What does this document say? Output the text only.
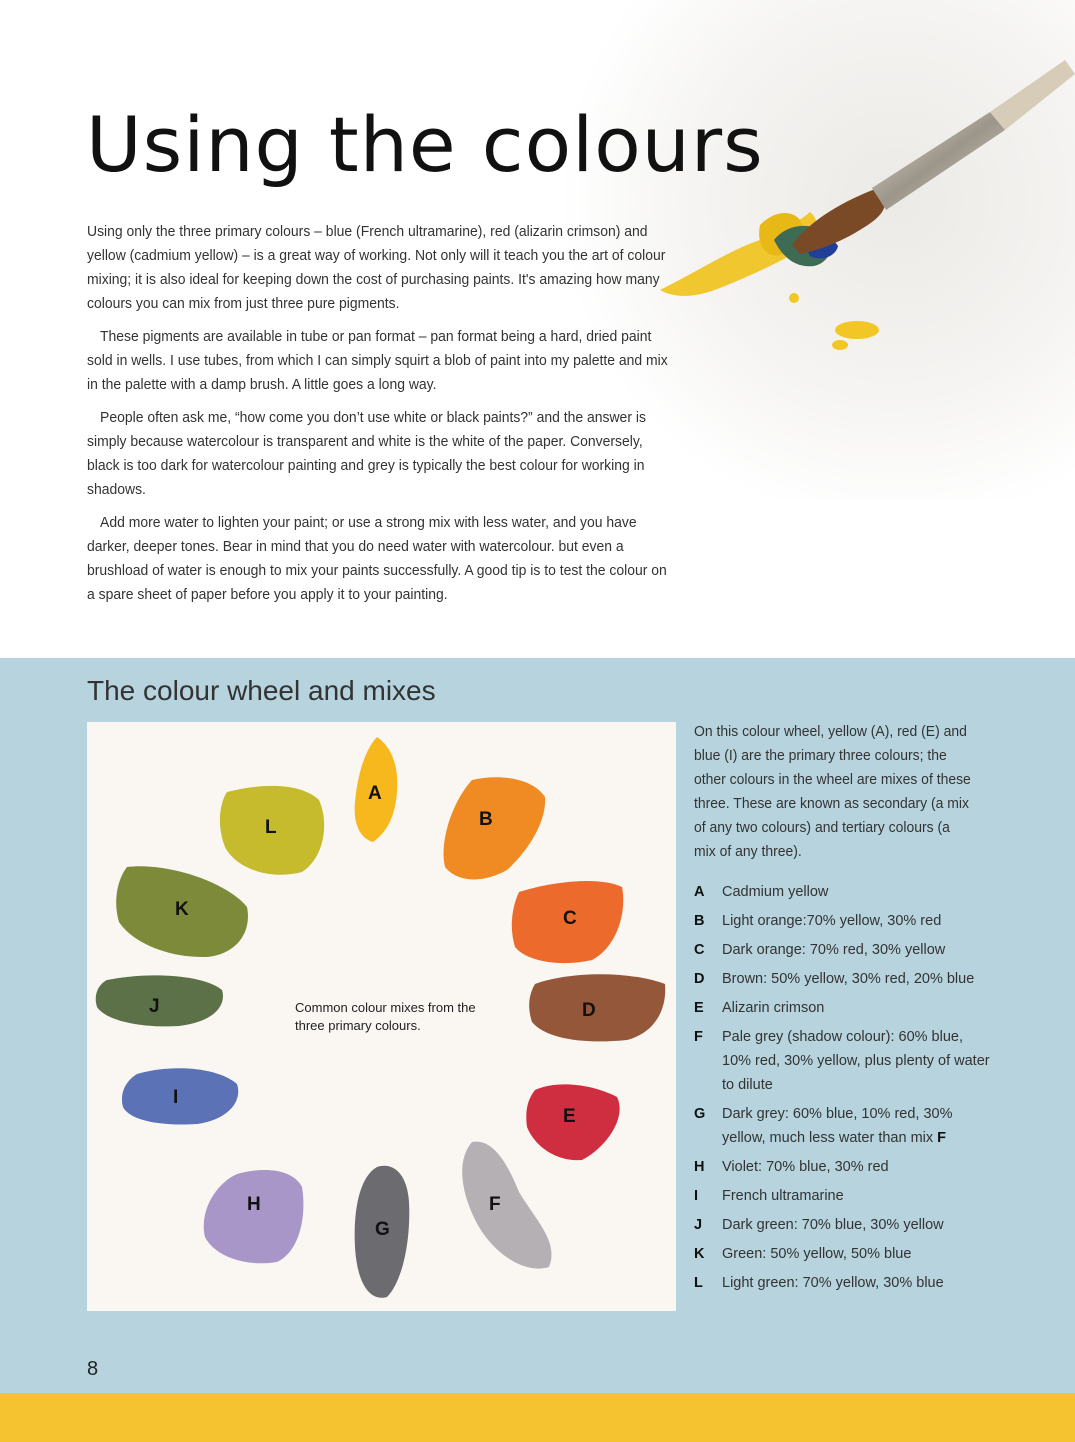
Using the colours

Using only the three primary colours – blue (French ultramarine), red (alizarin crimson) and yellow (cadmium yellow) – is a great way of working. Not only will it teach you the art of colour mixing; it is also ideal for keeping down the cost of purchasing paints. It's amazing how many colours you can mix from just three pure pigments.

These pigments are available in tube or pan format – pan format being a hard, dried paint sold in wells. I use tubes, from which I can simply squirt a blob of paint into my palette and mix in the palette with a damp brush. A little goes a long way.

People often ask me, “how come you don’t use white or black paints?” and the answer is simply because watercolour is transparent and white is the white of the paper. Conversely, black is too dark for watercolour painting and grey is typically the best colour for working in shadows.

Add more water to lighten your paint; or use a strong mix with less water, and you have darker, deeper tones. Bear in mind that you do need water with watercolour. but even a brushload of water is enough to mix your paints successfully. A good tip is to test the colour on a spare sheet of paper before you apply it to your painting.

The colour wheel and mixes
A
B
C
D
E
F
G
H
I
J
K
L
Common colour mixes from the three primary colours.
On this colour wheel, yellow (A), red (E) and blue (I) are the primary three colours; the other colours in the wheel are mixes of these three. These are known as secondary (a mix of any two colours) and tertiary colours (a mix of any three).
A Cadmium yellow
B Light orange:70% yellow, 30% red
C Dark orange: 70% red, 30% yellow
D Brown: 50% yellow, 30% red, 20% blue
E Alizarin crimson
F Pale grey (shadow colour): 60% blue, 10% red, 30% yellow, plus plenty of water to dilute
G Dark grey: 60% blue, 10% red, 30% yellow, much less water than mix F
H Violet: 70% blue, 30% red
I French ultramarine
J Dark green: 70% blue, 30% yellow
K Green: 50% yellow, 50% blue
L Light green: 70% yellow, 30% blue
8
